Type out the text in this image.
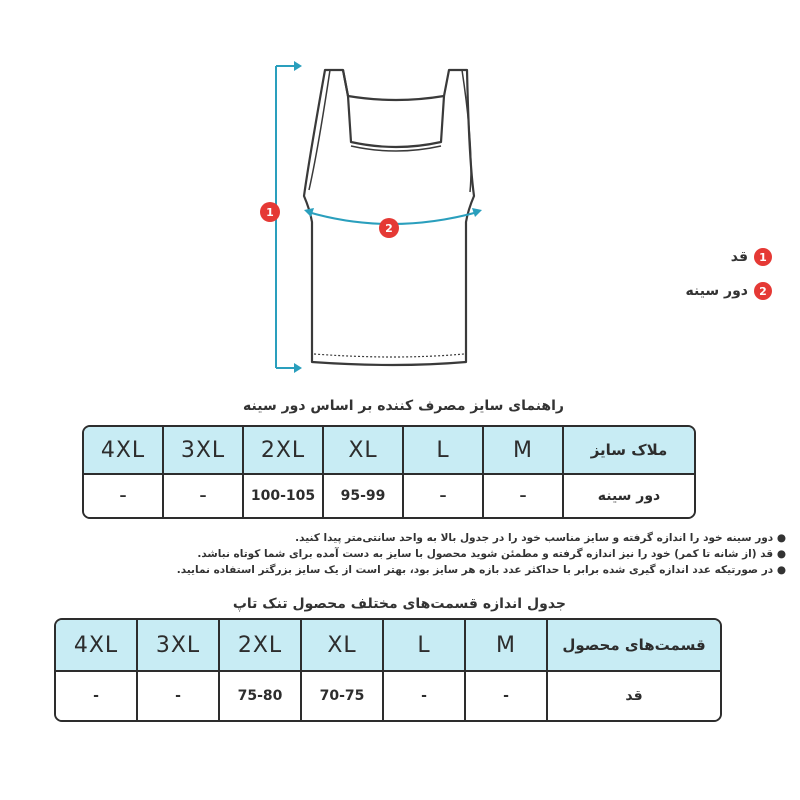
1
2
1
قد
2
دور سینه
راهنمای سایز مصرف کننده بر اساس دور سینه
4XL	3XL	2XL	XL	L	M	ملاک سایز
–	–	100-105	95-99	–	–	دور سینه
● دور سینه خود را اندازه گرفته و سایز مناسب خود را در جدول بالا به واحد سانتی‌متر پیدا کنید.
● قد (از شانه تا کمر) خود را نیز اندازه گرفته و مطمئن شوید محصول با سایز به دست آمده برای شما کوتاه نباشد.
● در صورتیکه عدد اندازه گیری شده برابر با حداکثر عدد بازه هر سایز بود، بهتر است از یک سایز بزرگتر استفاده نمایید.
جدول اندازه قسمت‌های مختلف محصول تنک تاپ
4XL	3XL	2XL	XL	L	M	قسمت‌های محصول
-	-	75-80	70-75	-	-	قد
